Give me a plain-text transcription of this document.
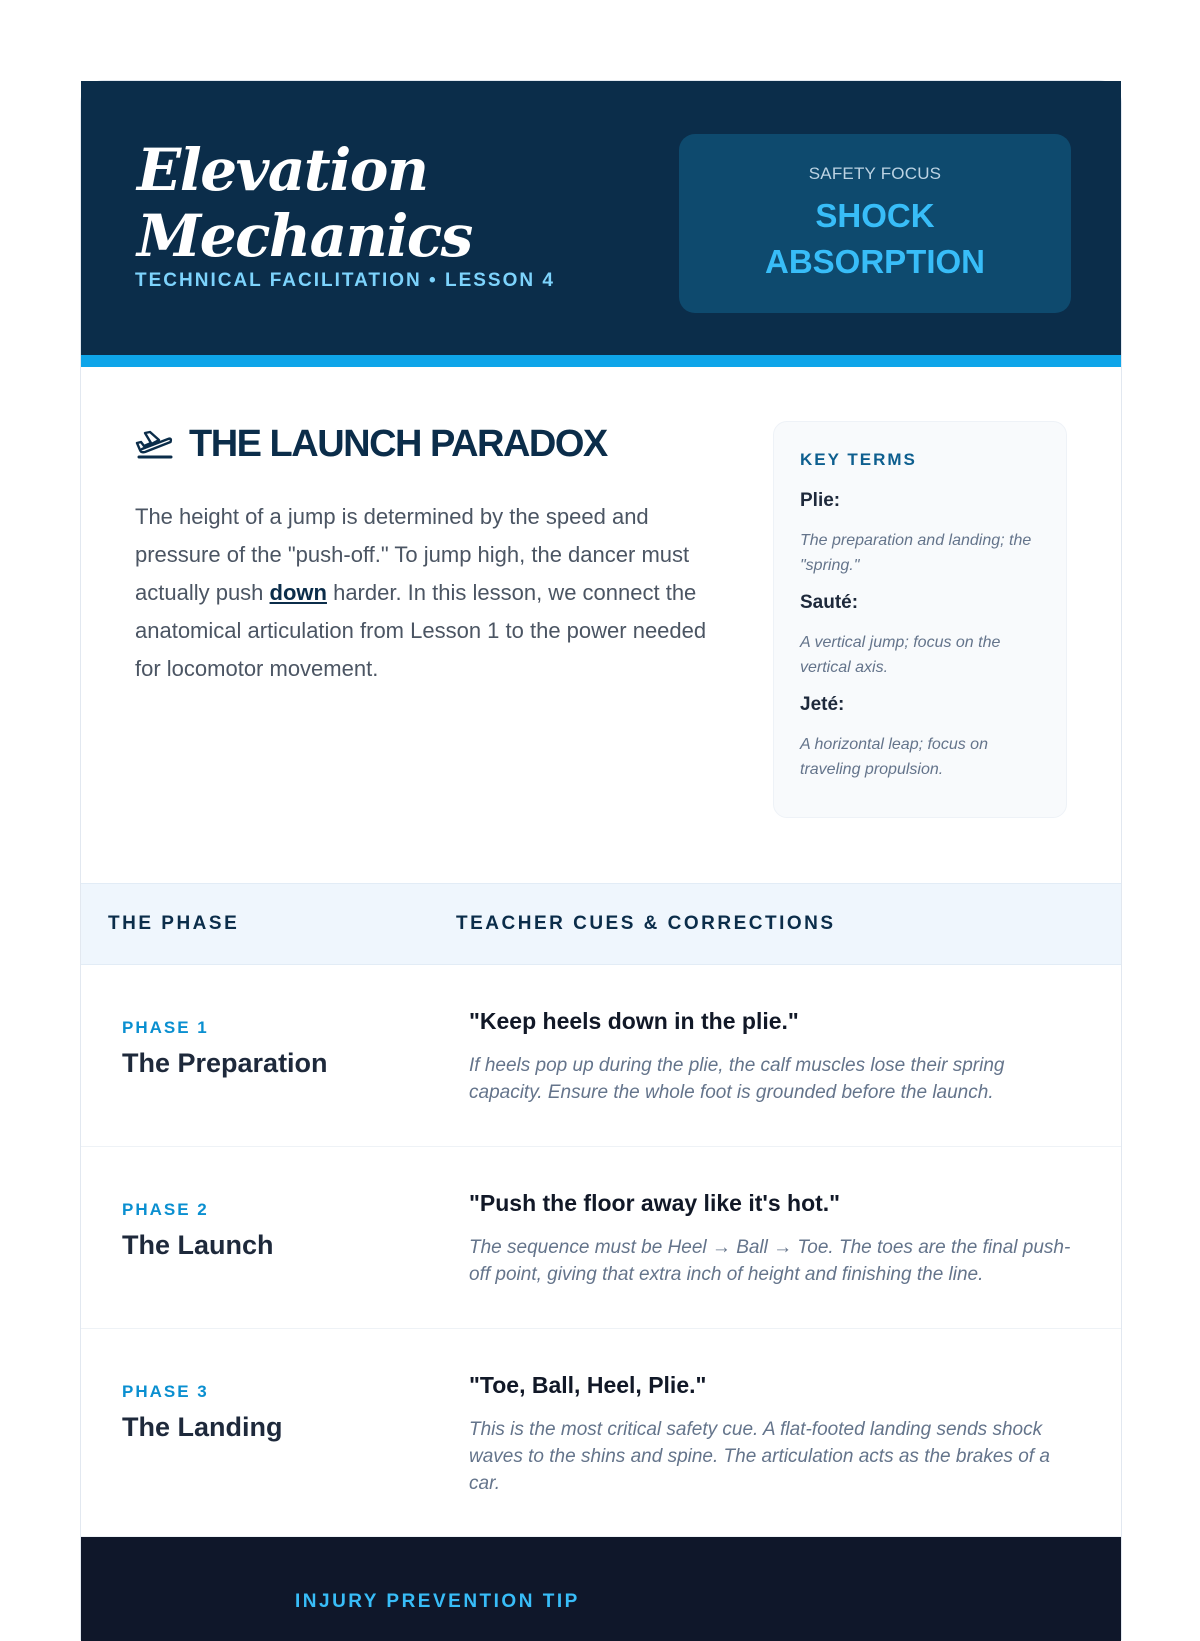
Elevation
Mechanics
TECHNICAL FACILITATION • LESSON 4
SAFETY FOCUS
SHOCK ABSORPTION
THE LAUNCH PARADOX

The height of a jump is determined by the speed and pressure of the "push-off." To jump high, the dancer must actually push down harder. In this lesson, we connect the anatomical articulation from Lesson 1 to the power needed for locomotor movement.

KEY TERMS
Plie:
The preparation and landing; the "spring."
Sauté:
A vertical jump; focus on the vertical axis.
Jeté:
A horizontal leap; focus on traveling propulsion.
THE PHASE	TEACHER CUES & CORRECTIONS
PHASE 1
The Preparation
"Keep heels down in the plie."
If heels pop up during the plie, the calf muscles lose their spring capacity. Ensure the whole foot is grounded before the launch.
PHASE 2
The Launch
"Push the floor away like it's hot."
The sequence must be Heel → Ball → Toe. The toes are the final push-off point, giving that extra inch of height and finishing the line.
PHASE 3
The Landing
"Toe, Ball, Heel, Plie."
This is the most critical safety cue. A flat-footed landing sends shock waves to the shins and spine. The articulation acts as the brakes of a car.
INJURY PREVENTION TIP
